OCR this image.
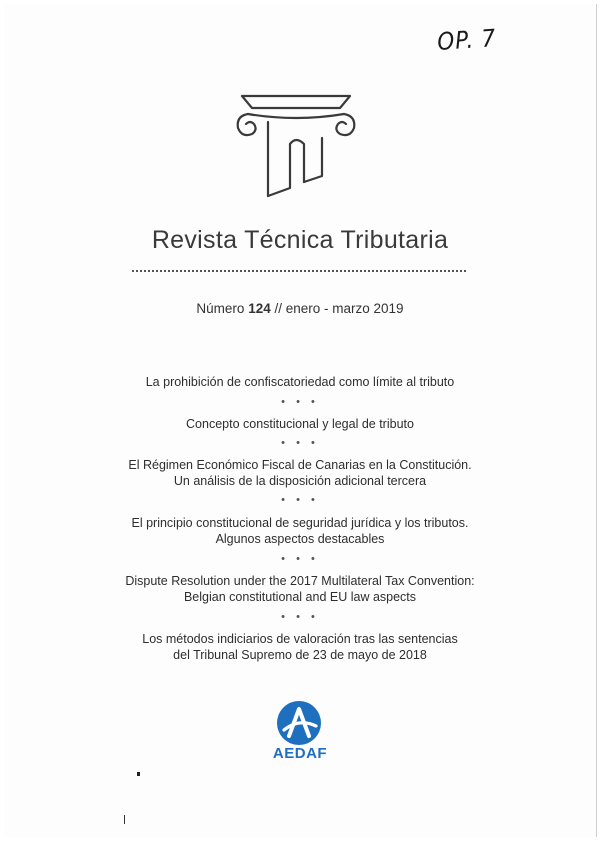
OP. 7
Revista Técnica Tributaria
Número 124 // enero - marzo 2019
La prohibición de confiscatoriedad como límite al tributo
• • •
Concepto constitucional y legal de tributo
• • •
El Régimen Económico Fiscal de Canarias en la Constitución.
Un análisis de la disposición adicional tercera
• • •
El principio constitucional de seguridad jurídica y los tributos.
Algunos aspectos destacables
• • •
Dispute Resolution under the 2017 Multilateral Tax Convention:
Belgian constitutional and EU law aspects
• • •
Los métodos indiciarios de valoración tras las sentencias
del Tribunal Supremo de 23 de mayo de 2018
AEDAF
